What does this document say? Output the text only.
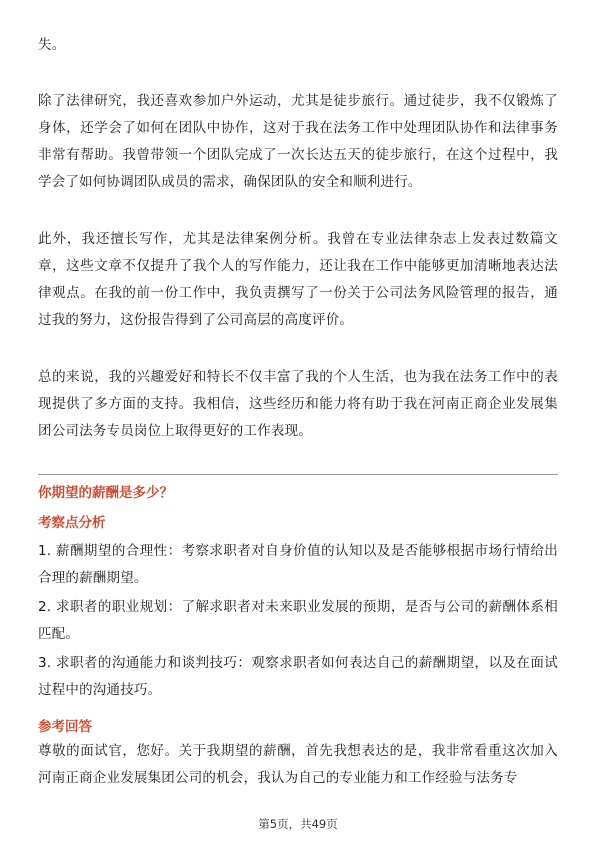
失。

除了法律研究，我还喜欢参加户外运动，尤其是徒步旅行。通过徒步，我不仅锻炼了身体，还学会了如何在团队中协作，这对于我在法务工作中处理团队协作和法律事务非常有帮助。我曾带领一个团队完成了一次长达五天的徒步旅行，在这个过程中，我学会了如何协调团队成员的需求，确保团队的安全和顺利进行。

此外，我还擅长写作，尤其是法律案例分析。我曾在专业法律杂志上发表过数篇文章，这些文章不仅提升了我个人的写作能力，还让我在工作中能够更加清晰地表达法律观点。在我的前一份工作中，我负责撰写了一份关于公司法务风险管理的报告，通过我的努力，这份报告得到了公司高层的高度评价。

总的来说，我的兴趣爱好和特长不仅丰富了我的个人生活，也为我在法务工作中的表现提供了多方面的支持。我相信，这些经历和能力将有助于我在河南正商企业发展集团公司法务专员岗位上取得更好的工作表现。

你期望的薪酬是多少？
考察点分析

1. 薪酬期望的合理性：考察求职者对自身价值的认知以及是否能够根据市场行情给出合理的薪酬期望。

2. 求职者的职业规划：了解求职者对未来职业发展的预期，是否与公司的薪酬体系相匹配。

3. 求职者的沟通能力和谈判技巧：观察求职者如何表达自己的薪酬期望，以及在面试过程中的沟通技巧。

参考回答

尊敬的面试官，您好。关于我期望的薪酬，首先我想表达的是，我非常看重这次加入河南正商企业发展集团公司的机会，我认为自己的专业能力和工作经验与法务专

第5页，共49页
